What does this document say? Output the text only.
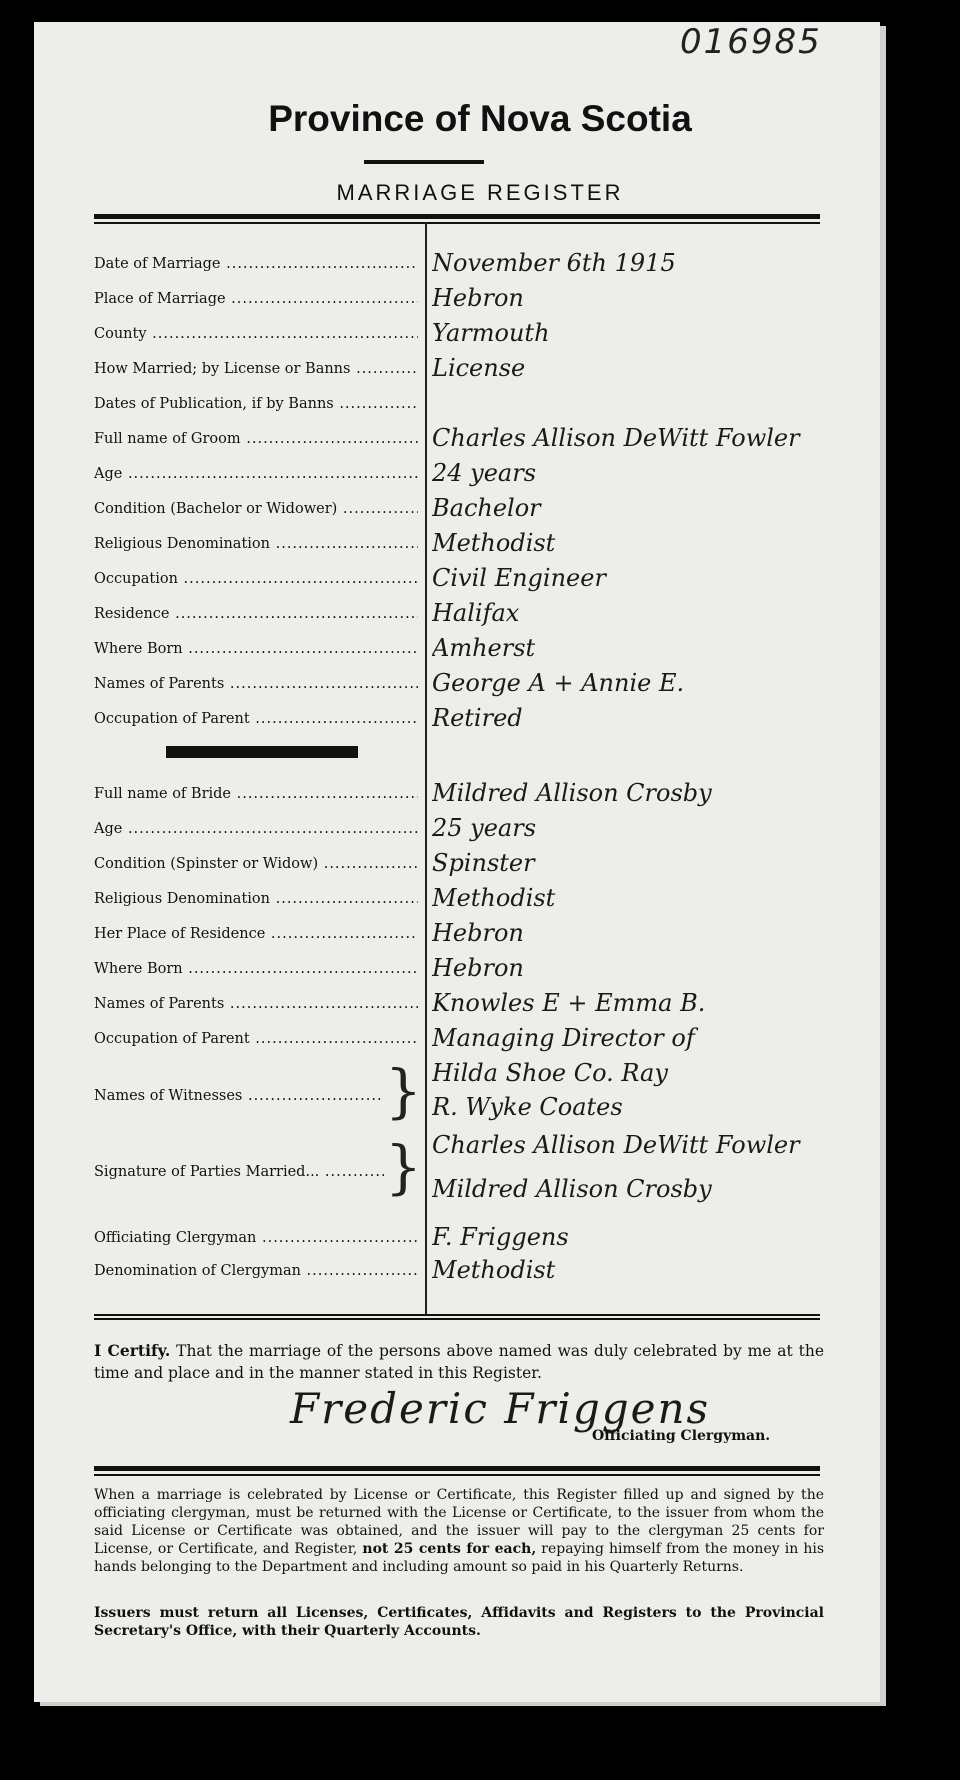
016985
Province of Nova Scotia
MARRIAGE REGISTER
Date of Marriage .....	November 6th 1915
Place of Marriage .....	Hebron
County .....	Yarmouth
How Married; by License or Banns .....	License
Dates of Publication, if by Banns .....
Full name of Groom .....	Charles Allison DeWitt Fowler
Age .....	24 years
Condition (Bachelor or Widower) .....	Bachelor
Religious Denomination .....	Methodist
Occupation .....	Civil Engineer
Residence .....	Halifax
Where Born .....	Amherst
Names of Parents .....	George A + Annie E.
Occupation of Parent .....	Retired
Full name of Bride .....	Mildred Allison Crosby
Age .....	25 years
Condition (Spinster or Widow) .....	Spinster
Religious Denomination .....	Methodist
Her Place of Residence .....	Hebron
Where Born .....	Hebron
Names of Parents .....	Knowles E + Emma B.
Occupation of Parent .....	Managing Director of
Names of Witnesses .....	} Hilda Shoe Co. Ray
R. Wyke Coates
Signature of Parties Married... .....	} Charles Allison DeWitt Fowler
Mildred Allison Crosby
Officiating Clergyman .....	F. Friggens
Denomination of Clergyman .....	Methodist
I Certify. That the marriage of the persons above named was duly celebrated by me at the time and place and in the manner stated in this Register.
Frederic Friggens
Officiating Clergyman.
When a marriage is celebrated by License or Certificate, this Register filled up and signed by the officiating clergyman, must be returned with the License or Certificate, to the issuer from whom the said License or Certificate was obtained, and the issuer will pay to the clergyman 25 cents for License, or Certificate, and Register, not 25 cents for each, repaying himself from the money in his hands belonging to the Department and including amount so paid in his Quarterly Returns.
Issuers must return all Licenses, Certificates, Affidavits and Registers to the Provincial Secretary's Office, with their Quarterly Accounts.
